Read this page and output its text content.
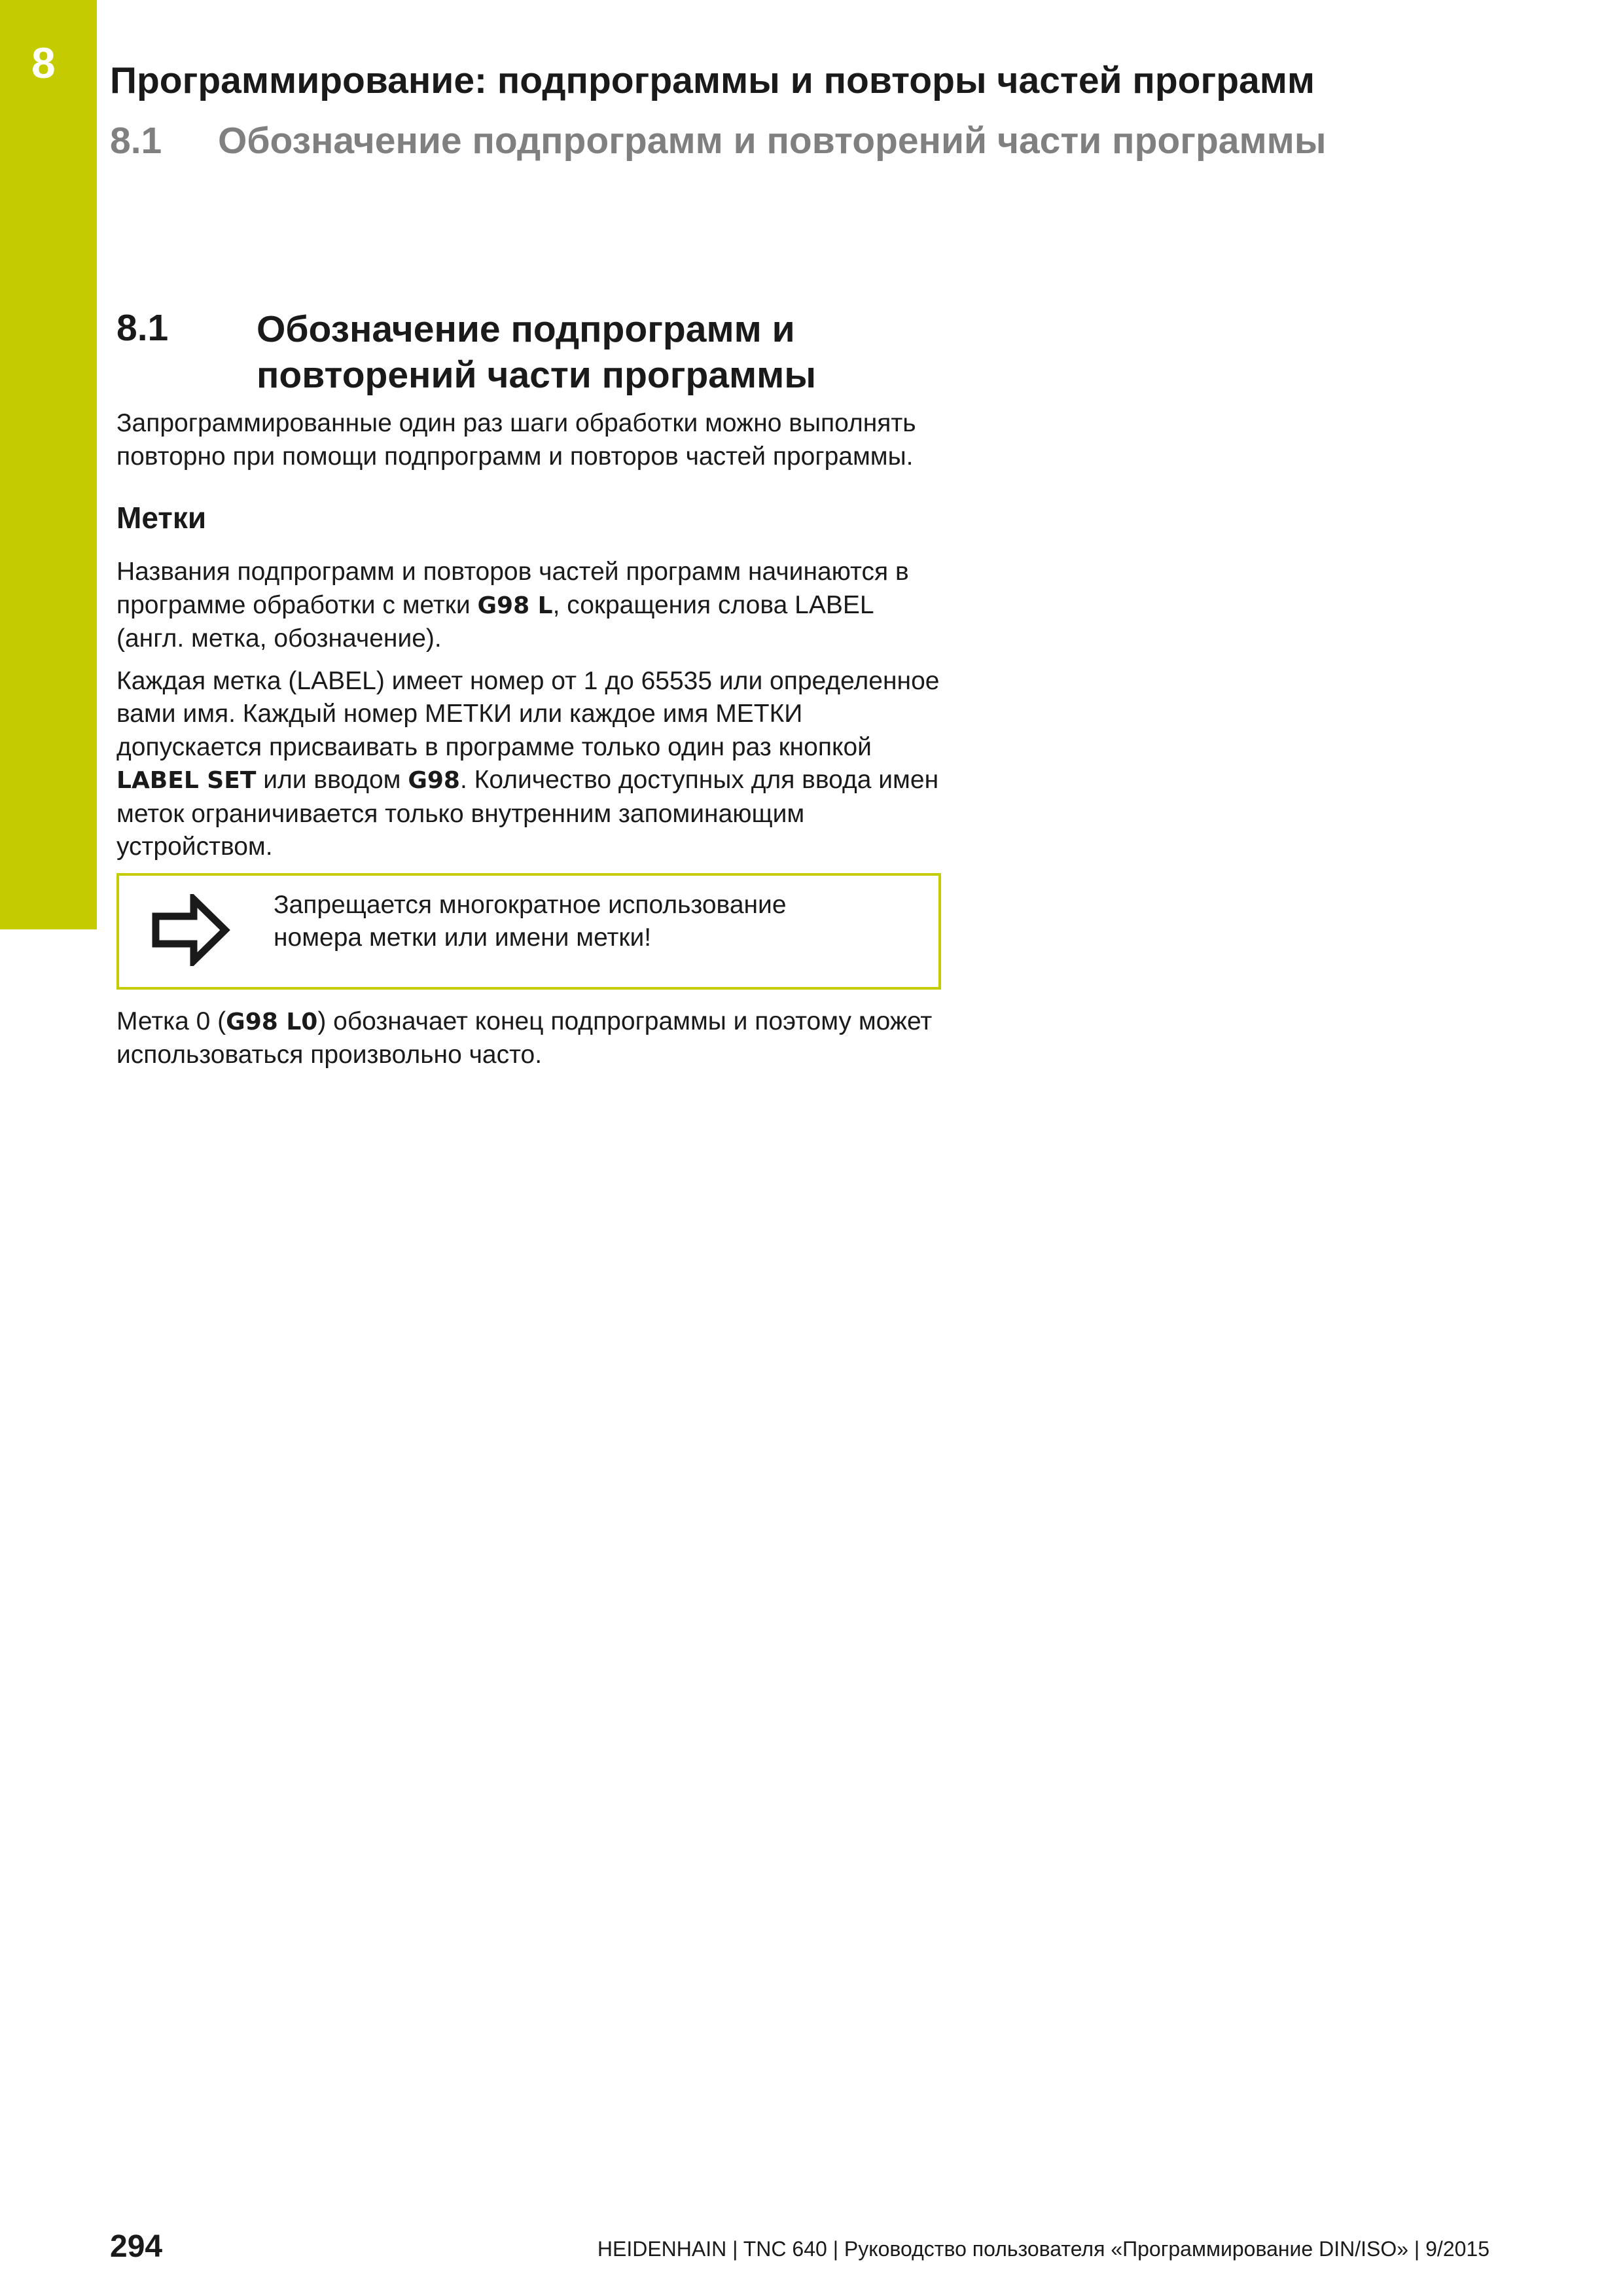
8 Программирование: подпрограммы и повторы частей программ
8.1 Обозначение подпрограмм и повторений части программы
8.1 Обозначение подпрограмм и
повторений части программы

Запрограммированные один раз шаги обработки можно выполнять повторно при помощи подпрограмм и повторов частей программы.

Метки

Названия подпрограмм и повторов частей программ начинаются в программе обработки с метки G98 L, сокращения слова LABEL (англ. метка, обозначение).

Каждая метка (LABEL) имеет номер от 1 до 65535 или определенное вами имя. Каждый номер МЕТКИ или каждое имя МЕТКИ допускается присваивать в программе только один раз кнопкой LABEL SET или вводом G98. Количество доступных для ввода имен меток ограничивается только внутренним запоминающим устройством.

Запрещается многократное использование номера метки или имени метки!

Метка 0 (G98 L0) обозначает конец подпрограммы и поэтому может использоваться произвольно часто.

294	HEIDENHAIN | TNC 640 | Руководство пользователя «Программирование DIN/ISO» | 9/2015
